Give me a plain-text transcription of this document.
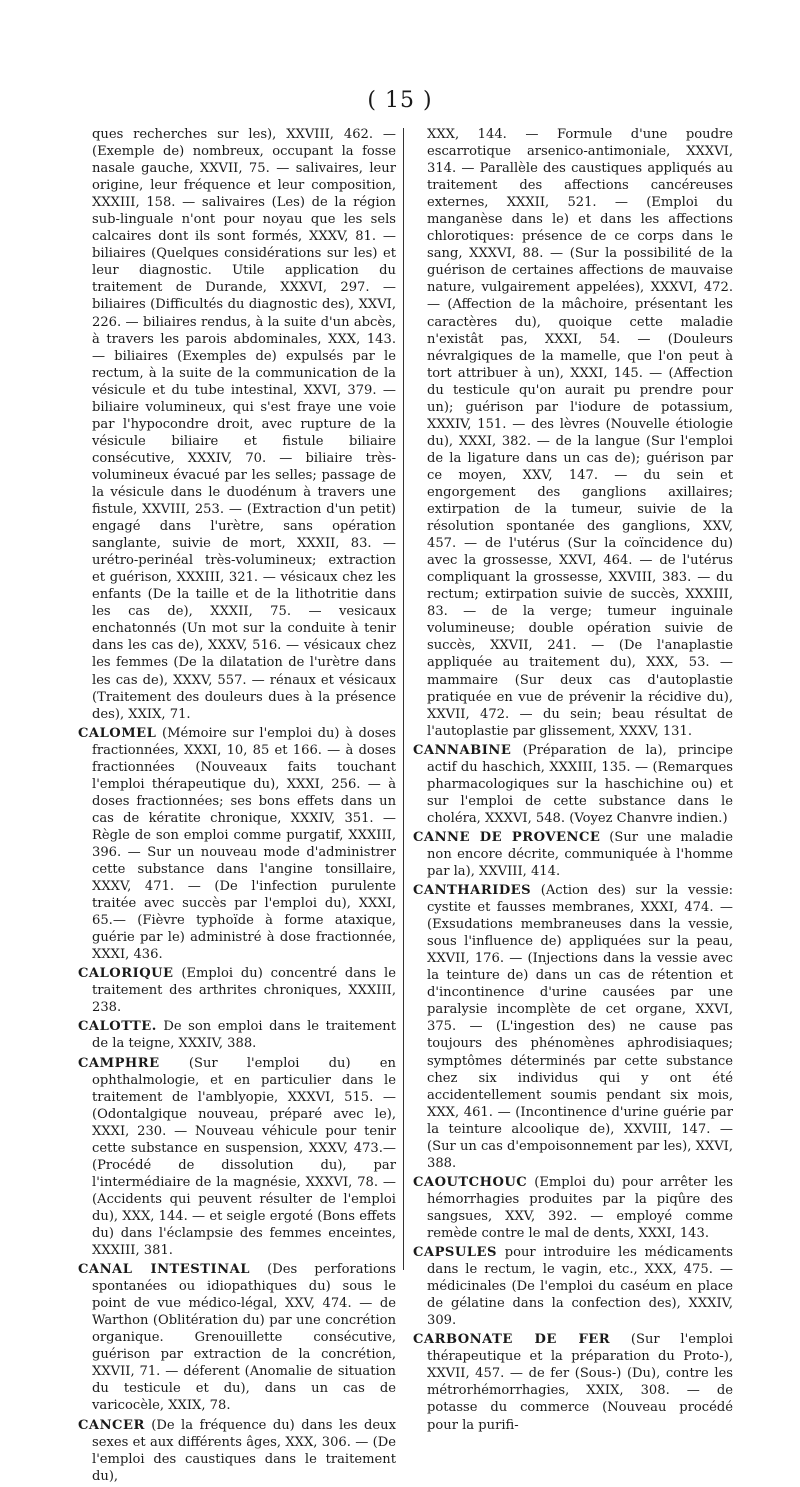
( 15 )

ques recherches sur les), XXVIII, 462. — (Exemple de) nombreux, occupant la fosse nasale gauche, XXVII, 75. — salivaires, leur origine, leur fréquence et leur composition, XXXIII, 158. — salivaires (Les) de la région sub-linguale n'ont pour noyau que les sels calcaires dont ils sont formés, XXXV, 81. — biliaires (Quelques considérations sur les) et leur diagnostic. Utile application du traitement de Durande, XXXVI, 297. — biliaires (Difficultés du diagnostic des), XXVI, 226. — biliaires rendus, à la suite d'un abcès, à travers les parois abdominales, XXX, 143. — biliaires (Exemples de) expulsés par le rectum, à la suite de la communication de la vésicule et du tube intestinal, XXVI, 379. — biliaire volumineux, qui s'est fraye une voie par l'hypocondre droit, avec rupture de la vésicule biliaire et fistule biliaire consécutive, XXXIV, 70. — biliaire très-volumineux évacué par les selles; passage de la vésicule dans le duodénum à travers une fistule, XXVIII, 253. — (Extraction d'un petit) engagé dans l'urètre, sans opération sanglante, suivie de mort, XXXII, 83. — urétro-perinéal très-volumineux; extraction et guérison, XXXIII, 321. — vésicaux chez les enfants (De la taille et de la lithotritie dans les cas de), XXXII, 75. — vesicaux enchatonnés (Un mot sur la conduite à tenir dans les cas de), XXXV, 516. — vésicaux chez les femmes (De la dilatation de l'urètre dans les cas de), XXXV, 557. — rénaux et vésicaux (Traitement des douleurs dues à la présence des), XXIX, 71.

CALOMEL (Mémoire sur l'emploi du) à doses fractionnées, XXXI, 10, 85 et 166. — à doses fractionnées (Nouveaux faits touchant l'emploi thérapeutique du), XXXI, 256. — à doses fractionnées; ses bons effets dans un cas de kératite chronique, XXXIV, 351. — Règle de son emploi comme purgatif, XXXIII, 396. — Sur un nouveau mode d'administrer cette substance dans l'angine tonsillaire, XXXV, 471. — (De l'infection purulente traitée avec succès par l'emploi du), XXXI, 65.— (Fièvre typhoïde à forme ataxique, guérie par le) administré à dose fractionnée, XXXI, 436.

CALORIQUE (Emploi du) concentré dans le traitement des arthrites chroniques, XXXIII, 238.

CALOTTE. De son emploi dans le traitement de la teigne, XXXIV, 388.

CAMPHRE (Sur l'emploi du) en ophthalmologie, et en particulier dans le traitement de l'amblyopie, XXXVI, 515. — (Odontalgique nouveau, préparé avec le), XXXI, 230. — Nouveau véhicule pour tenir cette substance en suspension, XXXV, 473.— (Procédé de dissolution du), par l'intermédiaire de la magnésie, XXXVI, 78. — (Accidents qui peuvent résulter de l'emploi du), XXX, 144. — et seigle ergoté (Bons effets du) dans l'éclampsie des femmes enceintes, XXXIII, 381.

CANAL INTESTINAL (Des perforations spontanées ou idiopathiques du) sous le point de vue médico-légal, XXV, 474. — de Warthon (Oblitération du) par une concrétion organique. Grenouillette consécutive, guérison par extraction de la concrétion, XXVII, 71. — déferent (Anomalie de situation du testicule et du), dans un cas de varicocèle, XXIX, 78.

CANCER (De la fréquence du) dans les deux sexes et aux différents âges, XXX, 306. — (De l'emploi des caustiques dans le traitement du),

XXX, 144. — Formule d'une poudre escarrotique arsenico-antimoniale, XXXVI, 314. — Parallèle des caustiques appliqués au traitement des affections cancéreuses externes, XXXII, 521. — (Emploi du manganèse dans le) et dans les affections chlorotiques: présence de ce corps dans le sang, XXXVI, 88. — (Sur la possibilité de la guérison de certaines affections de mauvaise nature, vulgairement appelées), XXXVI, 472. — (Affection de la mâchoire, présentant les caractères du), quoique cette maladie n'existât pas, XXXI, 54. — (Douleurs névralgiques de la mamelle, que l'on peut à tort attribuer à un), XXXI, 145. — (Affection du testicule qu'on aurait pu prendre pour un); guérison par l'iodure de potassium, XXXIV, 151. — des lèvres (Nouvelle étiologie du), XXXI, 382. — de la langue (Sur l'emploi de la ligature dans un cas de); guérison par ce moyen, XXV, 147. — du sein et engorgement des ganglions axillaires; extirpation de la tumeur, suivie de la résolution spontanée des ganglions, XXV, 457. — de l'utérus (Sur la coïncidence du) avec la grossesse, XXVI, 464. — de l'utérus compliquant la grossesse, XXVIII, 383. — du rectum; extirpation suivie de succès, XXXIII, 83. — de la verge; tumeur inguinale volumineuse; double opération suivie de succès, XXVII, 241. — (De l'anaplastie appliquée au traitement du), XXX, 53. — mammaire (Sur deux cas d'autoplastie pratiquée en vue de prévenir la récidive du), XXVII, 472. — du sein; beau résultat de l'autoplastie par glissement, XXXV, 131.

CANNABINE (Préparation de la), principe actif du haschich, XXXIII, 135. — (Remarques pharmacologiques sur la haschichine ou) et sur l'emploi de cette substance dans le choléra, XXXVI, 548. (Voyez Chanvre indien.)

CANNE DE PROVENCE (Sur une maladie non encore décrite, communiquée à l'homme par la), XXVIII, 414.

CANTHARIDES (Action des) sur la vessie: cystite et fausses membranes, XXXI, 474. — (Exsudations membraneuses dans la vessie, sous l'influence de) appliquées sur la peau, XXVII, 176. — (Injections dans la vessie avec la teinture de) dans un cas de rétention et d'incontinence d'urine causées par une paralysie incomplète de cet organe, XXVI, 375. — (L'ingestion des) ne cause pas toujours des phénomènes aphrodisiaques; symptômes déterminés par cette substance chez six individus qui y ont été accidentellement soumis pendant six mois, XXX, 461. — (Incontinence d'urine guérie par la teinture alcoolique de), XXVIII, 147. — (Sur un cas d'empoisonnement par les), XXVI, 388.

CAOUTCHOUC (Emploi du) pour arrêter les hémorrhagies produites par la piqûre des sangsues, XXV, 392. — employé comme remède contre le mal de dents, XXXI, 143.

CAPSULES pour introduire les médicaments dans le rectum, le vagin, etc., XXX, 475. — médicinales (De l'emploi du caséum en place de gélatine dans la confection des), XXXIV, 309.

CARBONATE DE FER (Sur l'emploi thérapeutique et la préparation du Proto-), XXVII, 457. — de fer (Sous-) (Du), contre les métrorhémorrhagies, XXIX, 308. — de potasse du commerce (Nouveau procédé pour la purifi-
